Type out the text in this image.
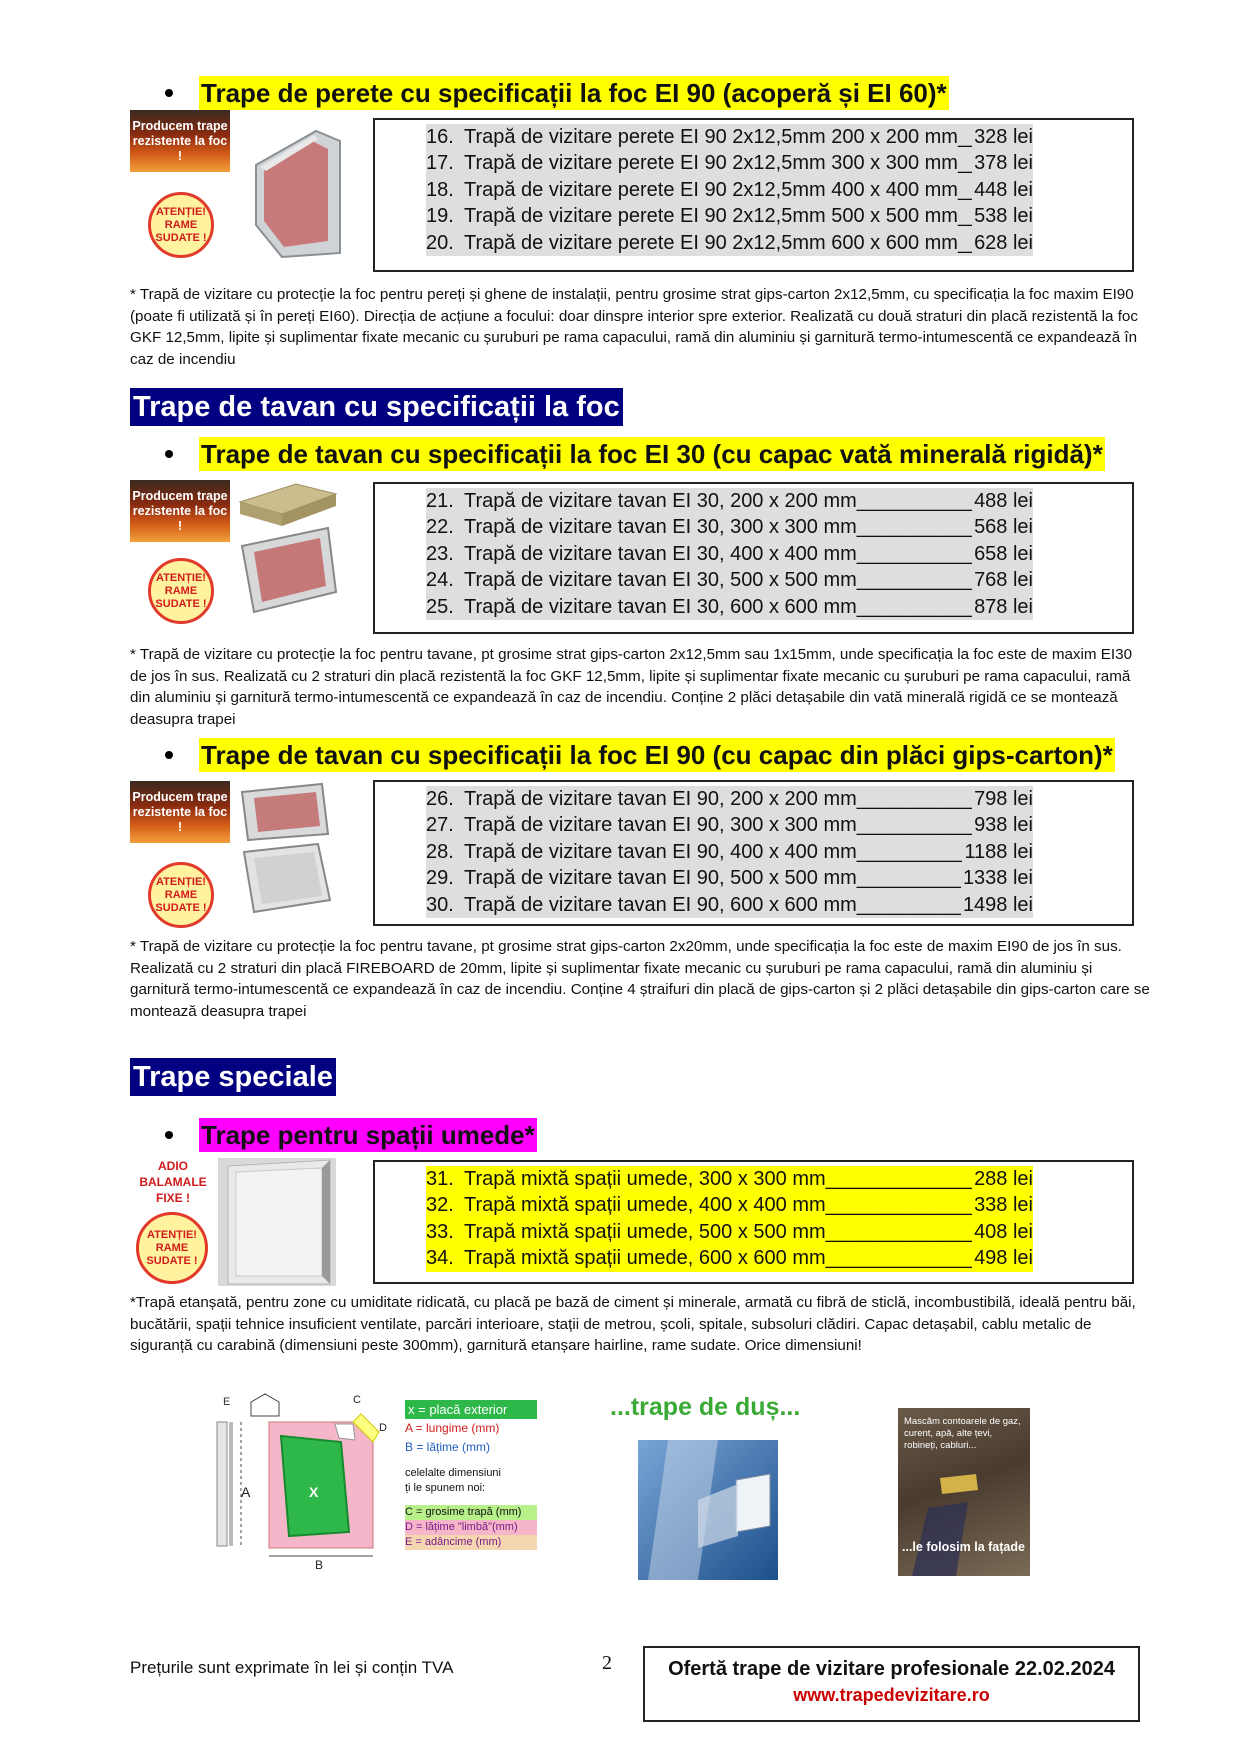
Trape de perete cu specificații la foc EI 90 (acoperă și EI 60)*
Producem trape rezistente la foc !
ATENȚIE! RAME SUDATE !
16. Trapă de vizitare perete EI 90 2x12,5mm 200 x 200 mm _____ 328 lei
17. Trapă de vizitare perete EI 90 2x12,5mm 300 x 300 mm _____ 378 lei
18. Trapă de vizitare perete EI 90 2x12,5mm 400 x 400 mm _____ 448 lei
19. Trapă de vizitare perete EI 90 2x12,5mm 500 x 500 mm _____ 538 lei
20. Trapă de vizitare perete EI 90 2x12,5mm 600 x 600 mm _____ 628 lei
* Trapă de vizitare cu protecție la foc pentru pereți și ghene de instalații, pentru grosime strat gips-carton 2x12,5mm, cu specificația la foc maxim EI90 (poate fi utilizată și în pereți EI60). Direcția de acțiune a focului: doar dinspre interior spre exterior. Realizată cu două straturi din placă rezistentă la foc GKF 12,5mm, lipite și suplimentar fixate mecanic cu șuruburi pe rama capacului, ramă din aluminiu și garnitură termo-intumescentă ce expandează în caz de incendiu
Trape de tavan cu specificații la foc
Trape de tavan cu specificații la foc EI 30 (cu capac vată minerală rigidă)*
Producem trape rezistente la foc !
ATENȚIE! RAME SUDATE !
21. Trapă de vizitare tavan EI 30, 200 x 200 mm _____	488 lei
22. Trapă de vizitare tavan EI 30, 300 x 300 mm _____	568 lei
23. Trapă de vizitare tavan EI 30, 400 x 400 mm _____	658 lei
24. Trapă de vizitare tavan EI 30, 500 x 500 mm _____	768 lei
25. Trapă de vizitare tavan EI 30, 600 x 600 mm _____	878 lei
* Trapă de vizitare cu protecție la foc pentru tavane, pt grosime strat gips-carton 2x12,5mm sau 1x15mm, unde specificația la foc este de maxim EI30 de jos în sus. Realizată cu 2 straturi din placă rezistentă la foc GKF 12,5mm, lipite și suplimentar fixate mecanic cu șuruburi pe rama capacului, ramă din aluminiu și garnitură termo-intumescentă ce expandează în caz de incendiu. Conține 2 plăci detașabile din vată minerală rigidă ce se montează deasupra trapei
Trape de tavan cu specificații la foc EI 90 (cu capac din plăci gips-carton)*
Producem trape rezistente la foc !
ATENȚIE! RAME SUDATE !
26. Trapă de vizitare tavan EI 90, 200 x 200 mm _____	798 lei
27. Trapă de vizitare tavan EI 90, 300 x 300 mm _____	938 lei
28. Trapă de vizitare tavan EI 90, 400 x 400 mm _____	1188 lei
29. Trapă de vizitare tavan EI 90, 500 x 500 mm _____	1338 lei
30. Trapă de vizitare tavan EI 90, 600 x 600 mm _____	1498 lei
* Trapă de vizitare cu protecție la foc pentru tavane, pt grosime strat gips-carton 2x20mm, unde specificația la foc este de maxim EI90 de jos în sus. Realizată cu 2 straturi din placă FIREBOARD de 20mm, lipite și suplimentar fixate mecanic cu șuruburi pe rama capacului, ramă din aluminiu și garnitură termo-intumescentă ce expandează în caz de incendiu. Conține 4 ștraifuri din placă de gips-carton și 2 plăci detașabile din gips-carton care se montează deasupra trapei
Trape speciale
Trape pentru spații umede*
ADIO BALAMALE FIXE !
ATENȚIE! RAME SUDATE !
31. Trapă mixtă spații umede, 300 x 300 mm _____	288 lei
32. Trapă mixtă spații umede, 400 x 400 mm _____	338 lei
33. Trapă mixtă spații umede, 500 x 500 mm _____	408 lei
34. Trapă mixtă spații umede, 600 x 600 mm _____	498 lei
*Trapă etanșată, pentru zone cu umiditate ridicată, cu placă pe bază de ciment și minerale, armată cu fibră de sticlă, incombustibilă, ideală pentru băi, bucătării, spații tehnice insuficient ventilate, parcări interioare, stații de metrou, școli, spitale, subsoluri clădiri. Capac detașabil, cablu metalic de siguranță cu carabină (dimensiuni peste 300mm), garnitură etanșare hairline, rame sudate. Orice dimensiuni!
E
A
B
C
D
X
x = placă exterior
A = lungime (mm)
B = lățime (mm)
celelalte dimensiuni
ți le spunem noi:
C = grosime trapă (mm)
D = lățime "limbă"(mm)
E = adâncime (mm)
...trape de duș...
Mascăm contoarele de gaz, curent, apă, alte țevi, robineți, cabluri...
...le folosim la fațade
Prețurile sunt exprimate în lei și conțin TVA	2	Ofertă trape de vizitare profesionale 22.02.2024
www.trapedevizitare.ro
